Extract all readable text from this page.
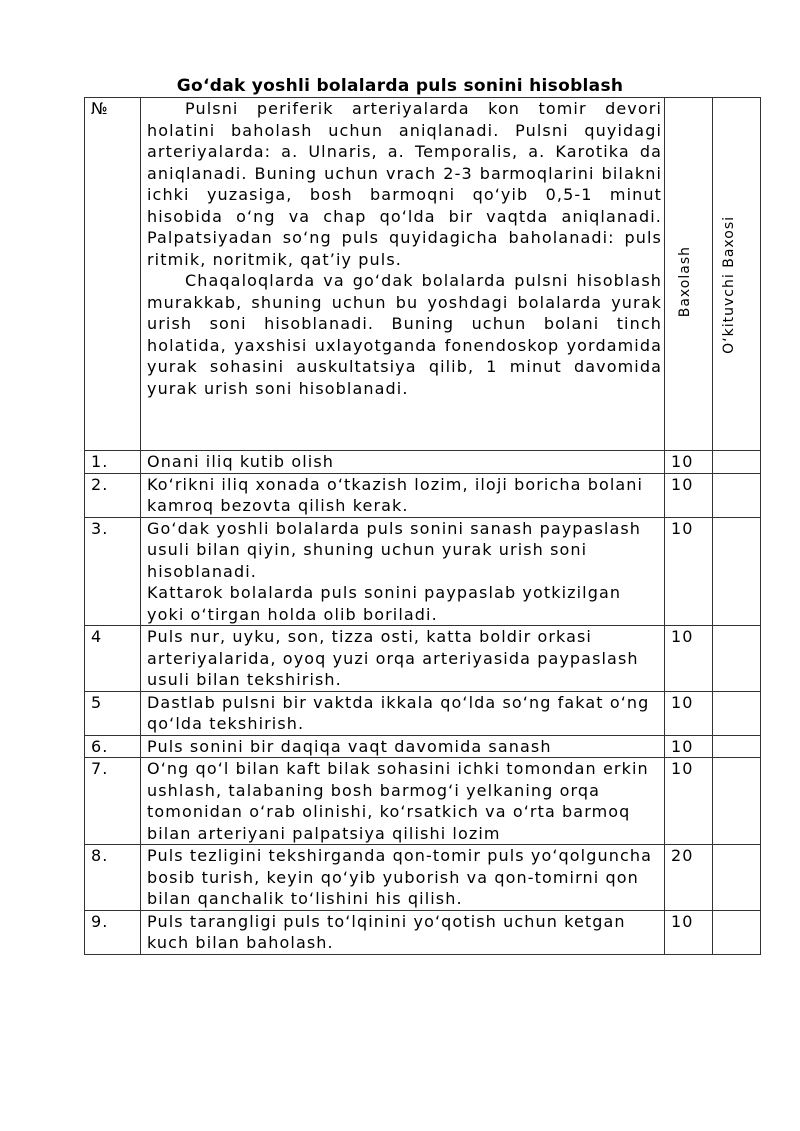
Go‘dak yoshli bolalarda puls sonini hisoblash
№	Pulsni periferik arteriyalarda kon tomir devori holatini baholash uchun aniqlanadi. Pulsni quyidagi arteriyalarda: a. Ulnaris, a. Temporalis, a. Karotika da aniqlanadi. Buning uchun vrach 2-3 barmoqlarini bilakni ichki yuzasiga, bosh barmoqni qo‘yib 0,5-1 minut hisobida o‘ng va chap qo‘lda bir vaqtda aniqlanadi. Palpatsiyadan so‘ng puls quyidagicha baholanadi: puls ritmik, noritmik, qat’iy puls.

Chaqaloqlarda va go‘dak bolalarda pulsni hisoblash murakkab, shuning uchun bu yoshdagi bolalarda yurak urish soni hisoblanadi. Buning uchun bolani tinch holatida, yaxshisi uxlayotganda fonendoskop yordamida yurak sohasini auskultatsiya qilib, 1 minut davomida yurak urish soni hisoblanadi.	Baxolash	O‘kituvchi Baxosi

1.	Onani iliq kutib olish	10	
2.	Ko‘rikni iliq xonada o‘tkazish lozim, iloji boricha bolani kamroq bezovta qilish kerak.	10	
3.	Go‘dak yoshli bolalarda puls sonini sanash paypaslash usuli bilan qiyin, shuning uchun yurak urish soni hisoblanadi.
Kattarok bolalarda puls sonini paypaslab yotkizilgan yoki o‘tirgan holda olib boriladi.	10	
4	Puls nur, uyku, son, tizza osti, katta boldir orkasi arteriyalarida, oyoq yuzi orqa arteriyasida paypaslash usuli bilan tekshirish.	10	
5	Dastlab pulsni bir vaktda ikkala qo‘lda so‘ng fakat o‘ng qo‘lda tekshirish.	10	
6.	Puls sonini bir daqiqa vaqt davomida sanash	10	
7.	O‘ng qo‘l bilan kaft bilak sohasini ichki tomondan erkin ushlash, talabaning bosh barmog‘i yelkaning orqa tomonidan o‘rab olinishi, ko‘rsatkich va o‘rta barmoq bilan arteriyani palpatsiya qilishi lozim	10	
8.	Puls tezligini tekshirganda qon-tomir puls yo‘qolguncha bosib turish, keyin qo‘yib yuborish va qon-tomirni qon bilan qanchalik to‘lishini his qilish.	20	
9.	Puls tarangligi puls to‘lqinini yo‘qotish uchun ketgan kuch bilan baholash.	10	
